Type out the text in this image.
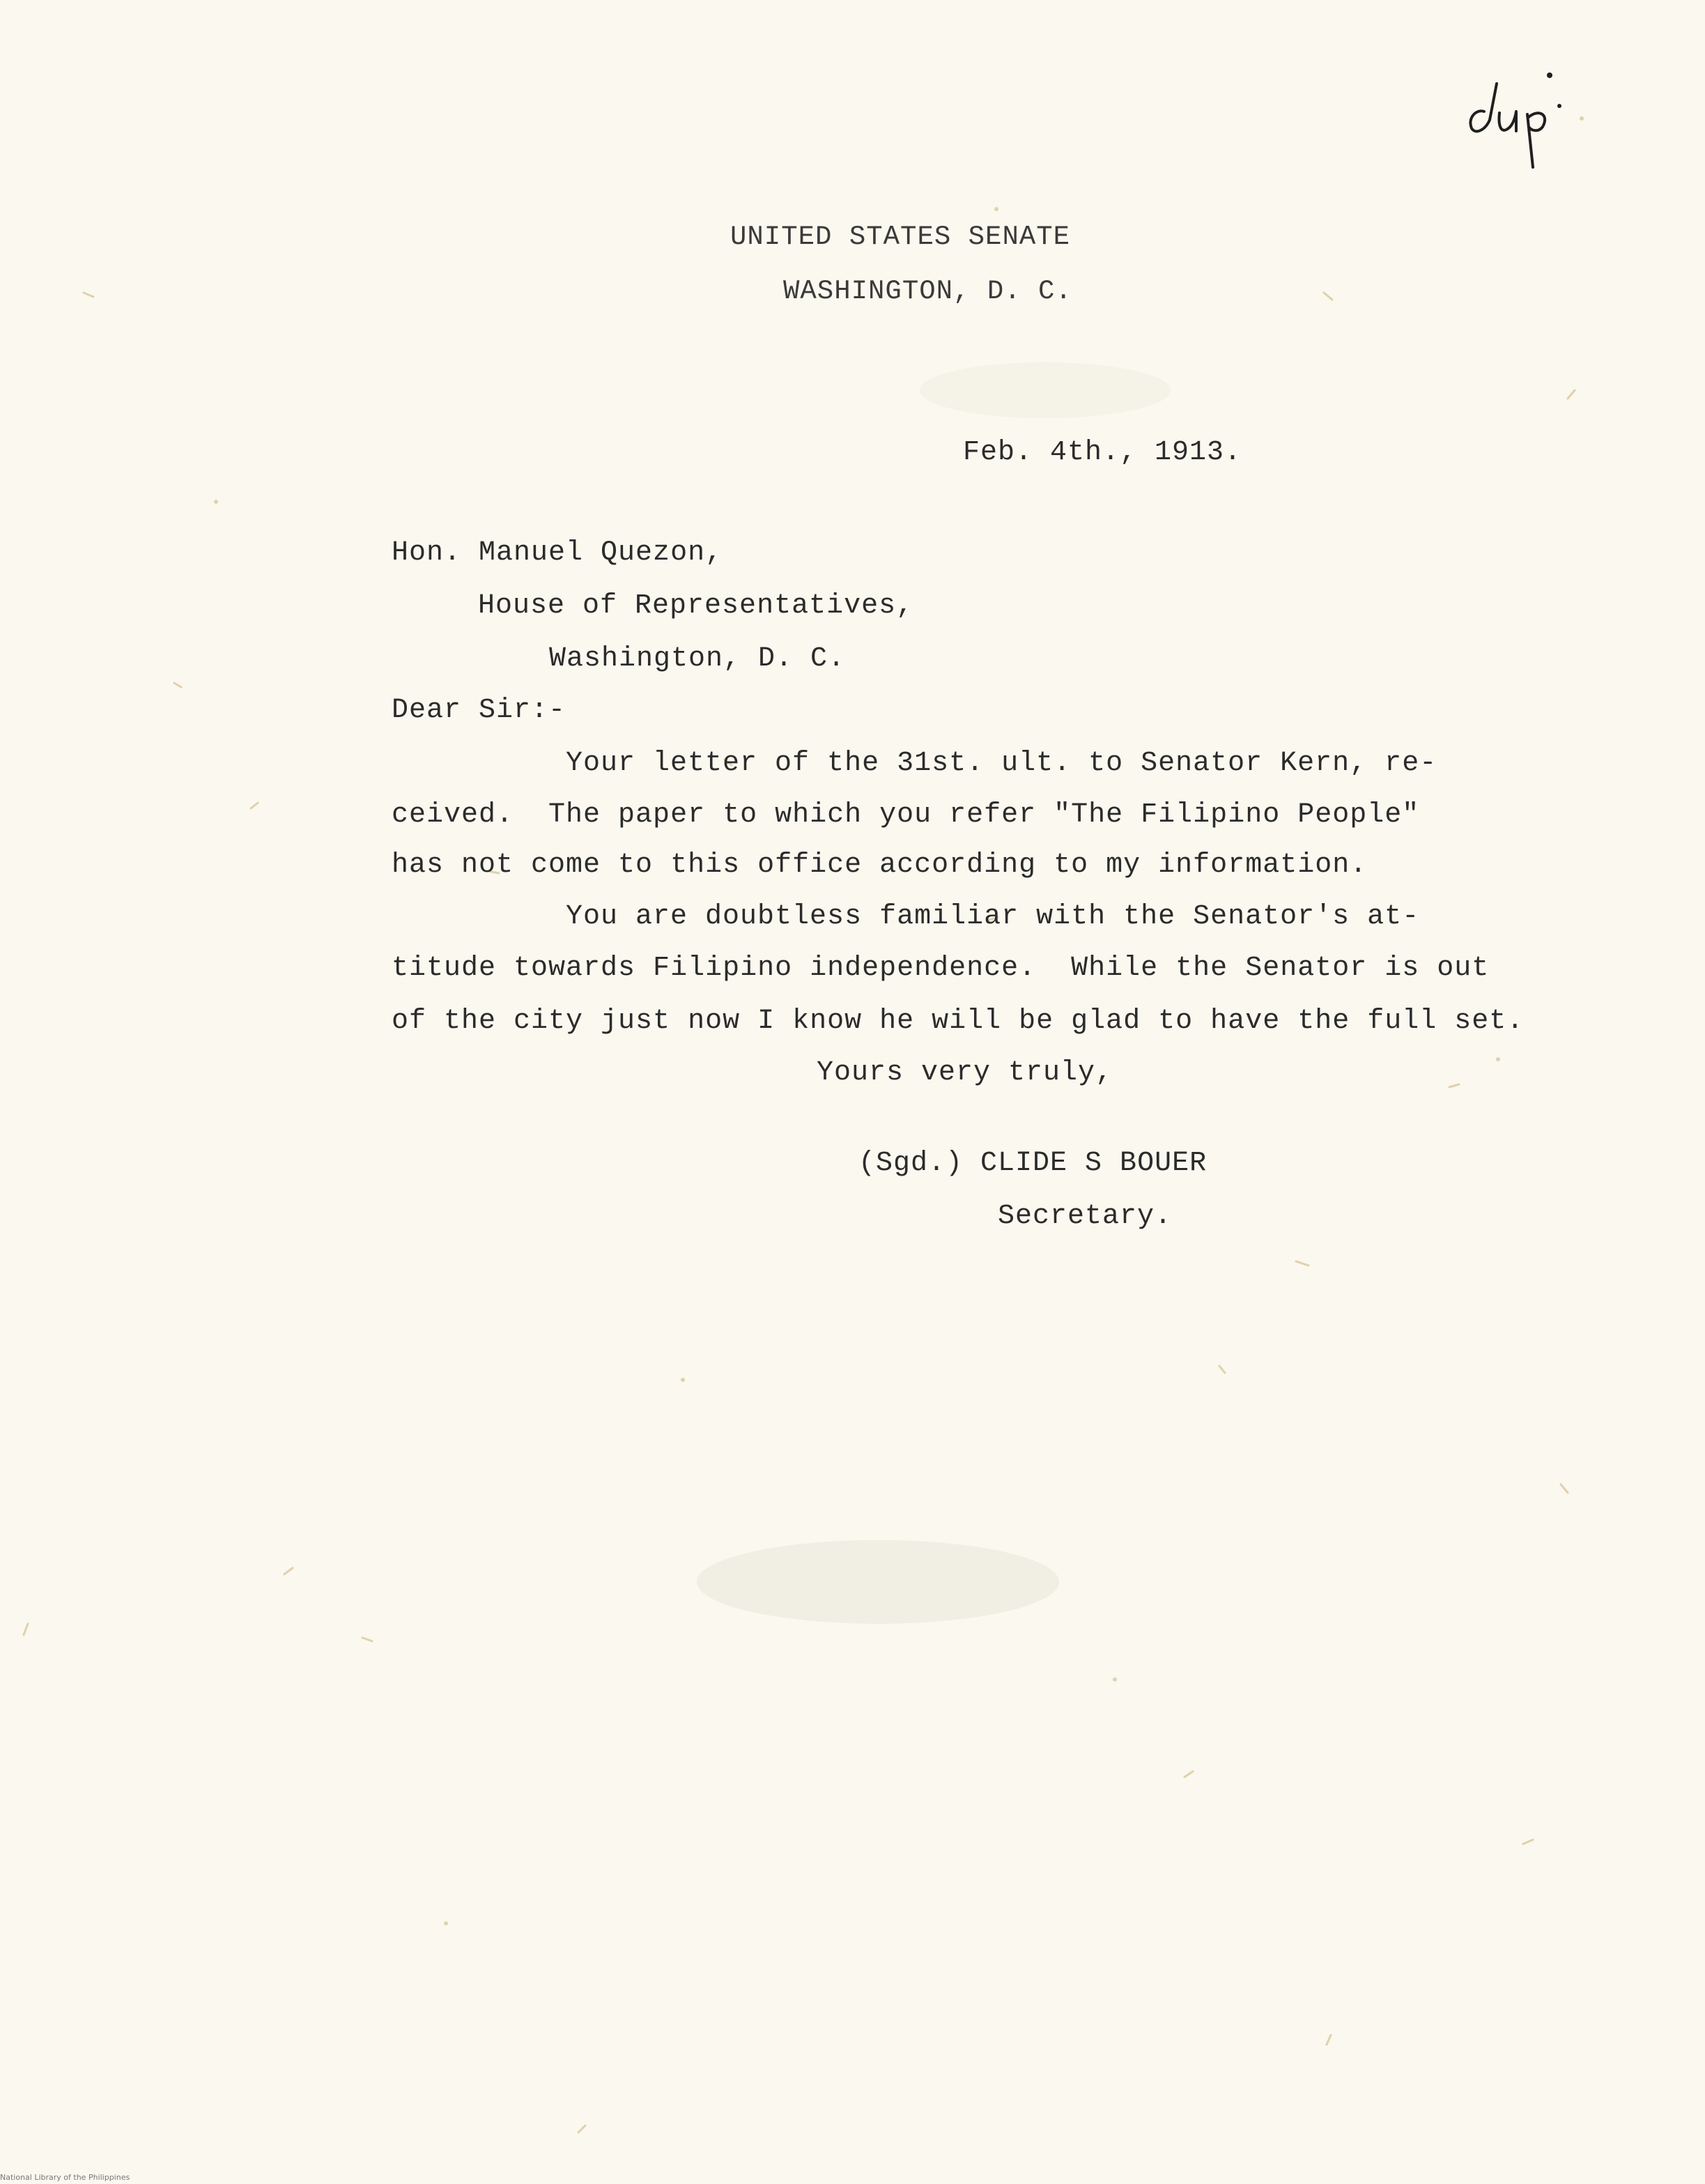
UNITED STATES SENATE
WASHINGTON, D. C.
Feb. 4th., 1913.
Hon. Manuel Quezon,
House of Representatives,
Washington, D. C.
Dear Sir:-
Your letter of the 31st. ult. to Senator Kern, re-
ceived.  The paper to which you refer "The Filipino People"
has not come to this office according to my information.
You are doubtless familiar with the Senator's at-
titude towards Filipino independence.  While the Senator is out
of the city just now I know he will be glad to have the full set.
Yours very truly,
(Sgd.) CLIDE S BOUER
Secretary.
National Library of the Philippines
